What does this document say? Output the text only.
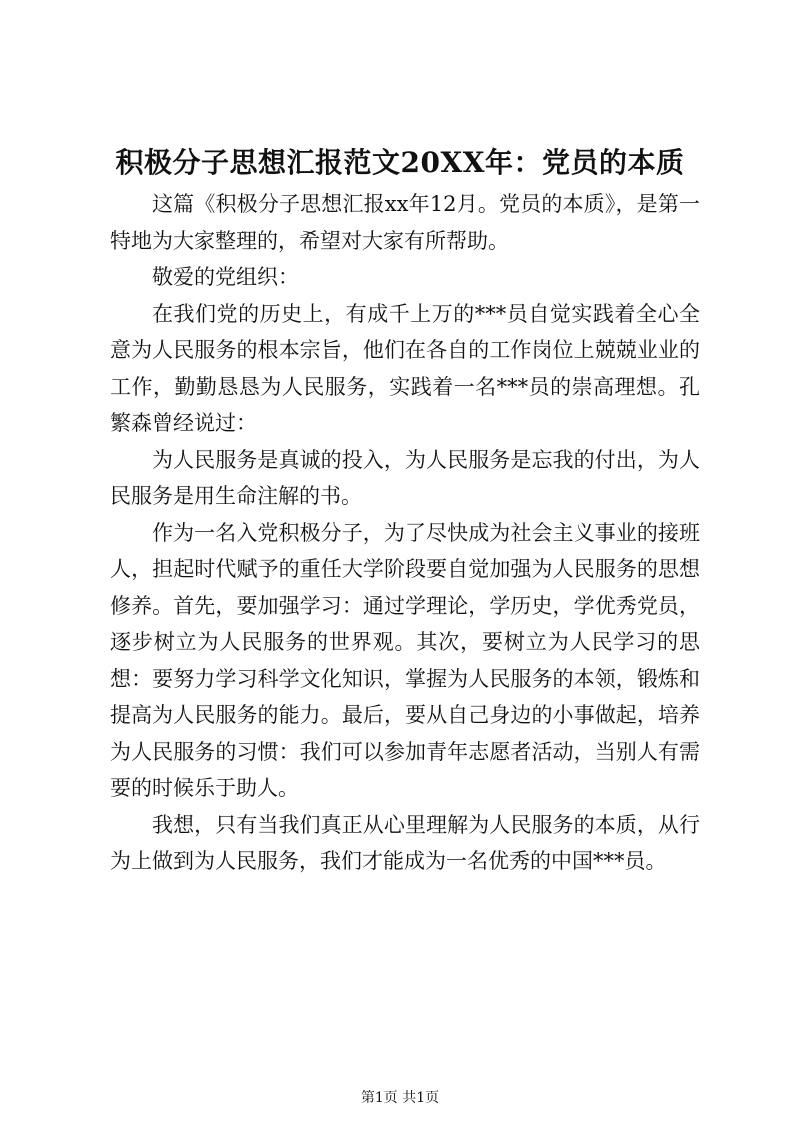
积极分子思想汇报范文20XX年：党员的本质

这篇《积极分子思想汇报xx年12月。党员的本质》，是第一特地为大家整理的，希望对大家有所帮助。

敬爱的党组织：

在我们党的历史上，有成千上万的***员自觉实践着全心全意为人民服务的根本宗旨，他们在各自的工作岗位上兢兢业业的工作，勤勤恳恳为人民服务，实践着一名***员的崇高理想。孔繁森曾经说过：

为人民服务是真诚的投入，为人民服务是忘我的付出，为人民服务是用生命注解的书。

作为一名入党积极分子，为了尽快成为社会主义事业的接班人，担起时代赋予的重任大学阶段要自觉加强为人民服务的思想修养。首先，要加强学习：通过学理论，学历史，学优秀党员，逐步树立为人民服务的世界观。其次，要树立为人民学习的思想：要努力学习科学文化知识，掌握为人民服务的本领，锻炼和提高为人民服务的能力。最后，要从自己身边的小事做起，培养为人民服务的习惯：我们可以参加青年志愿者活动，当别人有需要的时候乐于助人。

我想，只有当我们真正从心里理解为人民服务的本质，从行为上做到为人民服务，我们才能成为一名优秀的中国***员。

第1页 共1页
